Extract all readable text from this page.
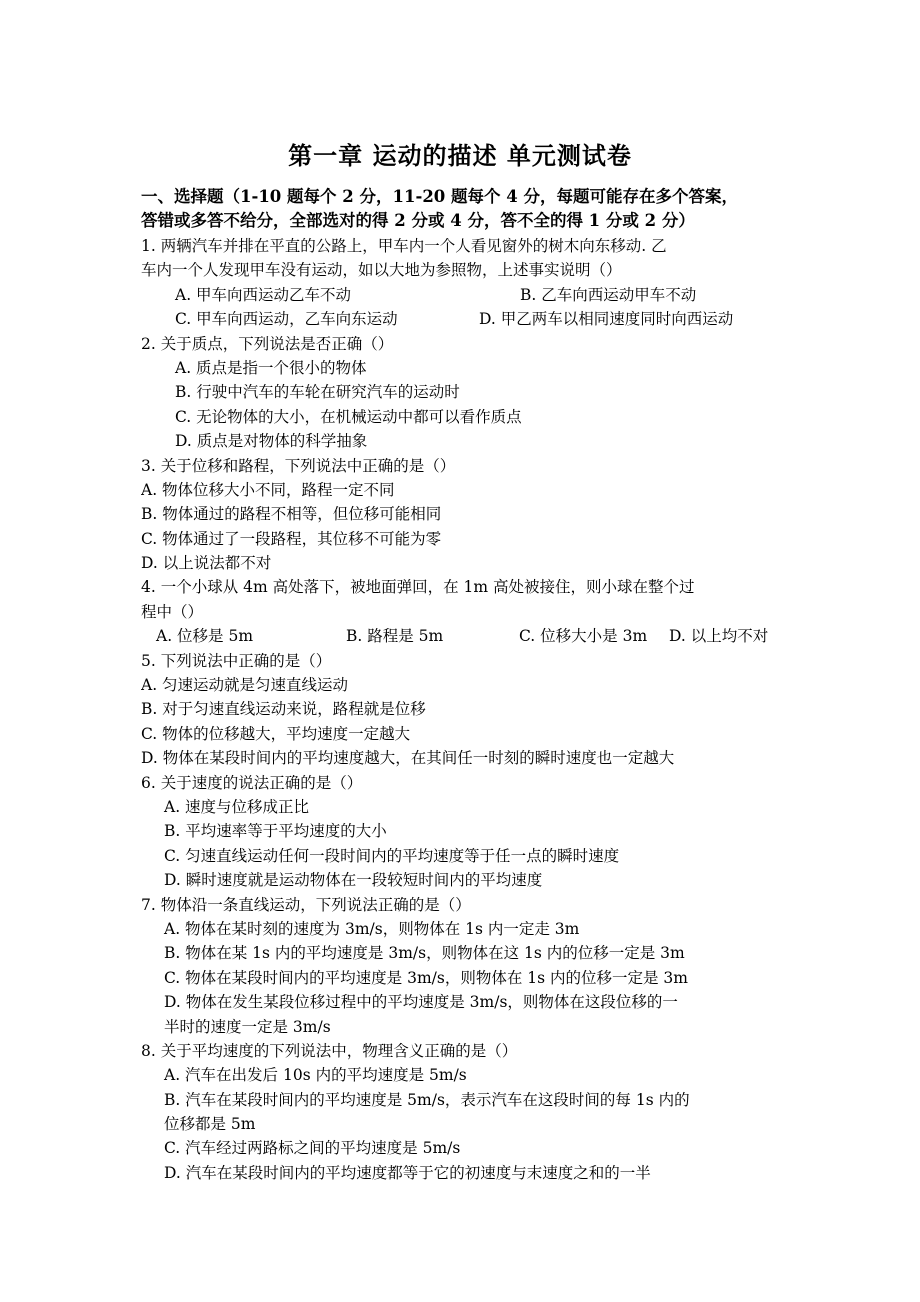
第一章 运动的描述 单元测试卷
一、选择题（1-10 题每个 2 分，11-20 题每个 4 分，每题可能存在多个答案，
答错或多答不给分，全部选对的得 2 分或 4 分，答不全的得 1 分或 2 分）
1. 两辆汽车并排在平直的公路上，甲车内一个人看见窗外的树木向东移动. 乙
车内一个人发现甲车没有运动，如以大地为参照物，上述事实说明（）
A. 甲车向西运动乙车不动	B. 乙车向西运动甲车不动
C. 甲车向西运动，乙车向东运动	D. 甲乙两车以相同速度同时向西运动
2. 关于质点，下列说法是否正确（）
A. 质点是指一个很小的物体
B. 行驶中汽车的车轮在研究汽车的运动时
C. 无论物体的大小，在机械运动中都可以看作质点
D. 质点是对物体的科学抽象
3. 关于位移和路程，下列说法中正确的是（）
A. 物体位移大小不同，路程一定不同
B. 物体通过的路程不相等，但位移可能相同
C. 物体通过了一段路程，其位移不可能为零
D. 以上说法都不对
4. 一个小球从 4m 高处落下，被地面弹回，在 1m 高处被接住，则小球在整个过
程中（）
A. 位移是 5m	B. 路程是 5m	C. 位移大小是 3m	D. 以上均不对
5. 下列说法中正确的是（）
A. 匀速运动就是匀速直线运动
B. 对于匀速直线运动来说，路程就是位移
C. 物体的位移越大，平均速度一定越大
D. 物体在某段时间内的平均速度越大，在其间任一时刻的瞬时速度也一定越大
6. 关于速度的说法正确的是（）
A. 速度与位移成正比
B. 平均速率等于平均速度的大小
C. 匀速直线运动任何一段时间内的平均速度等于任一点的瞬时速度
D. 瞬时速度就是运动物体在一段较短时间内的平均速度
7. 物体沿一条直线运动，下列说法正确的是（）
A. 物体在某时刻的速度为 3m/s，则物体在 1s 内一定走 3m
B. 物体在某 1s 内的平均速度是 3m/s，则物体在这 1s 内的位移一定是 3m
C. 物体在某段时间内的平均速度是 3m/s，则物体在 1s 内的位移一定是 3m
D. 物体在发生某段位移过程中的平均速度是 3m/s，则物体在这段位移的一
半时的速度一定是 3m/s
8. 关于平均速度的下列说法中，物理含义正确的是（）
A. 汽车在出发后 10s 内的平均速度是 5m/s
B. 汽车在某段时间内的平均速度是 5m/s，表示汽车在这段时间的每 1s 内的
位移都是 5m
C. 汽车经过两路标之间的平均速度是 5m/s
D. 汽车在某段时间内的平均速度都等于它的初速度与末速度之和的一半
